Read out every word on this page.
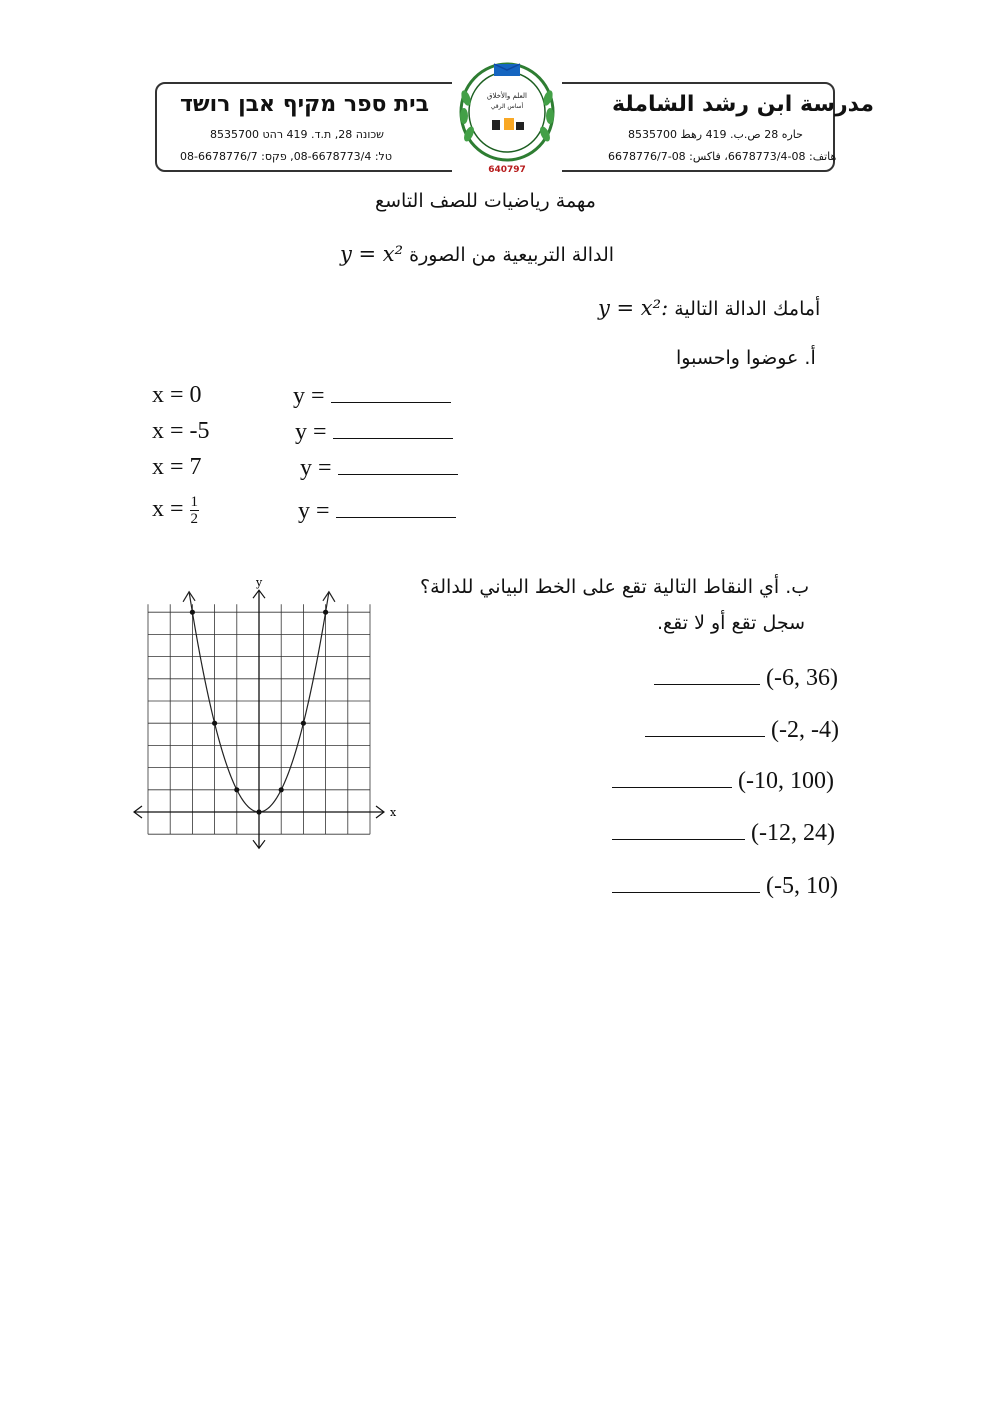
בית ספר מקיף אבן רושד
שכונה 28, ת.ד. 419 רהט 8535700
טל: 08-6678773/4, פקס: 08-6678776/7
مدرسة ابن رشد الشاملة
حاره 28 ص.ب. 419 رهط 8535700
هاتف: 08-6678773/4، فاكس: 08-6678776/7
العلم والأخلاق
أساس الرقي
640797
مهمة رياضيات للصف التاسع
y = x² الدالة التربيعية من الصورة
y = x²: أمامك الدالة التالية
أ. عوضوا واحسبوا
x = 0	y =
x = -5	y =
x = 7	y =
$x = \frac{1}{2}$	y =
ب. أي النقاط التالية تقع على الخط البياني للدالة؟
سجل تقع أو لا تقع.
(-6, 36)
(-2, -4)
(-10, 100)
(-12, 24)
(-5, 10)
x
y
